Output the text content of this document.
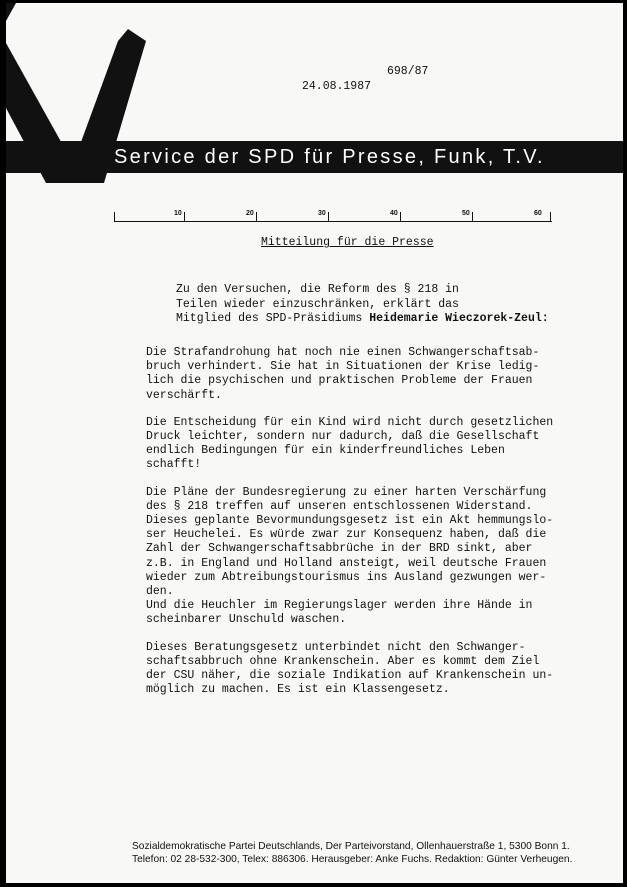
Service der SPD für Presse, Funk, T.V.
698/87
24.08.1987
10	20	30	40	50	60
Mitteilung für die Presse
Zu den Versuchen, die Reform des § 218 in
Teilen wieder einzuschränken, erklärt das
Mitglied des SPD-Präsidiums Heidemarie Wieczorek-Zeul:
Die Strafandrohung hat noch nie einen Schwangerschaftsab-
bruch verhindert. Sie hat in Situationen der Krise ledig-
lich die psychischen und praktischen Probleme der Frauen
verschärft.
Die Entscheidung für ein Kind wird nicht durch gesetzlichen
Druck leichter, sondern nur dadurch, daß die Gesellschaft
endlich Bedingungen für ein kinderfreundliches Leben
schafft!
Die Pläne der Bundesregierung zu einer harten Verschärfung
des § 218 treffen auf unseren entschlossenen Widerstand.
Dieses geplante Bevormundungsgesetz ist ein Akt hemmungslo-
ser Heuchelei. Es würde zwar zur Konsequenz haben, daß die
Zahl der Schwangerschaftsabbrüche in der BRD sinkt, aber
z.B. in England und Holland ansteigt, weil deutsche Frauen
wieder zum Abtreibungstourismus ins Ausland gezwungen wer-
den.
Und die Heuchler im Regierungslager werden ihre Hände in
scheinbarer Unschuld waschen.
Dieses Beratungsgesetz unterbindet nicht den Schwanger-
schaftsabbruch ohne Krankenschein. Aber es kommt dem Ziel
der CSU näher, die soziale Indikation auf Krankenschein un-
möglich zu machen. Es ist ein Klassengesetz.
Sozialdemokratische Partei Deutschlands, Der Parteivorstand, Ollenhauerstraße 1, 5300 Bonn 1.
Telefon: 02 28-532-300, Telex: 886306. Herausgeber: Anke Fuchs. Redaktion: Günter Verheugen.
